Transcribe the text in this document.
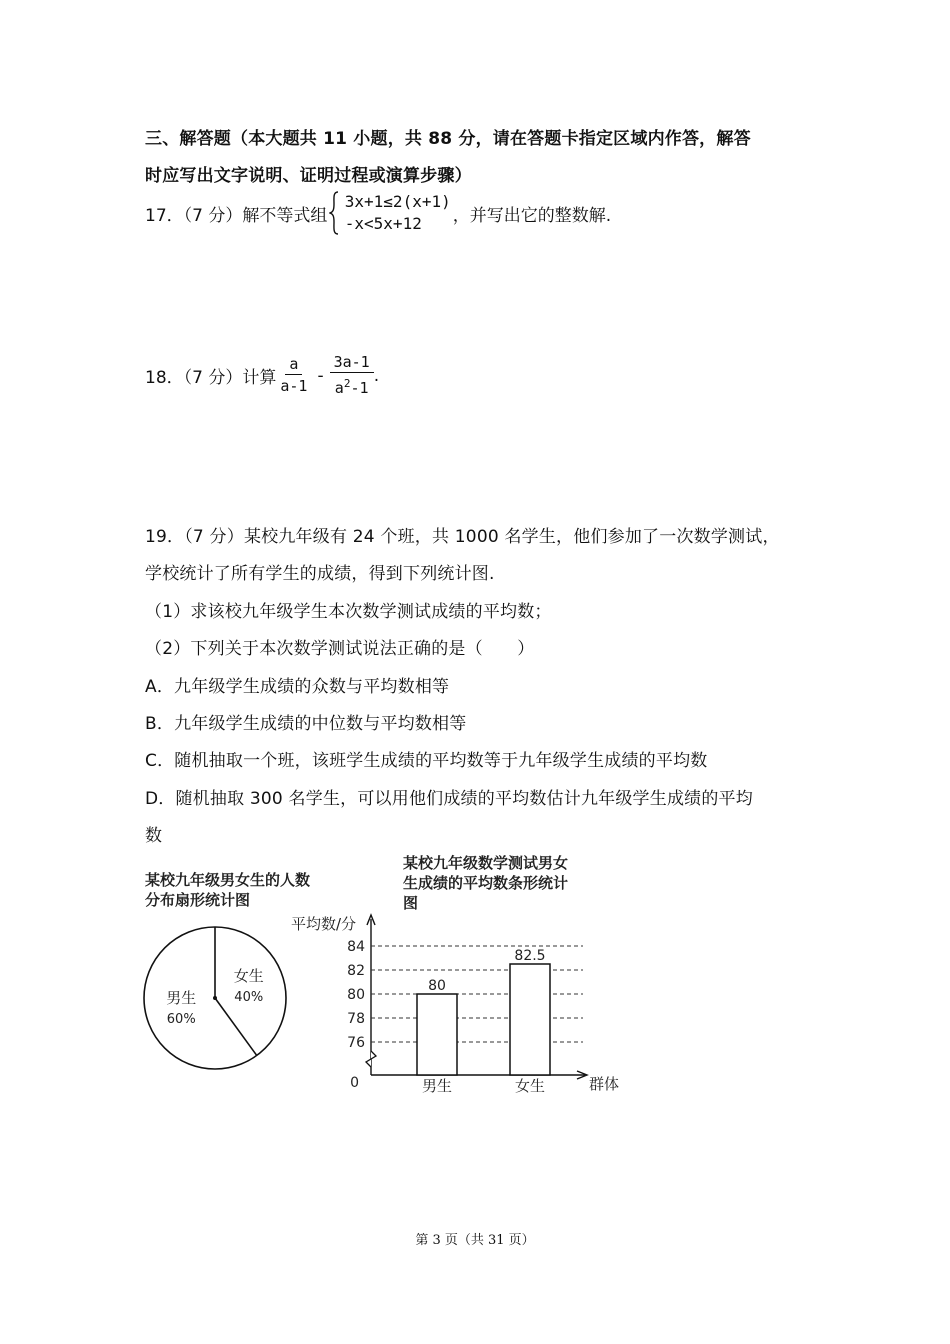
三、解答题（本大题共 11 小题，共 88 分，请在答题卡指定区域内作答，解答
时应写出文字说明、证明过程或演算步骤）
17．（7 分）解不等式组

3x+1≤2(x+1)
-x<5x+12	，并写出它的整数解.
18．（7 分）计算 $\frac{a}{a-1} - \frac{3a-1}{a^2-1}$ .
19．（7 分）某校九年级有 24 个班，共 1000 名学生，他们参加了一次数学测试，
学校统计了所有学生的成绩，得到下列统计图.
（1）求该校九年级学生本次数学测试成绩的平均数；
（2）下列关于本次数学测试说法正确的是（　　）
A．九年级学生成绩的众数与平均数相等
B．九年级学生成绩的中位数与平均数相等
C．随机抽取一个班，该班学生成绩的平均数等于九年级学生成绩的平均数
D．随机抽取 300 名学生，可以用他们成绩的平均数估计九年级学生成绩的平均
数
某校九年级男女生的人数
分布扇形统计图
女生
40%
男生
60%
某校九年级数学测试男女
生成绩的平均数条形统计
图
76
78
80
82
84
0
平均数/分
群体
80
男生
82.5
女生
第 3 页（共 31 页）
